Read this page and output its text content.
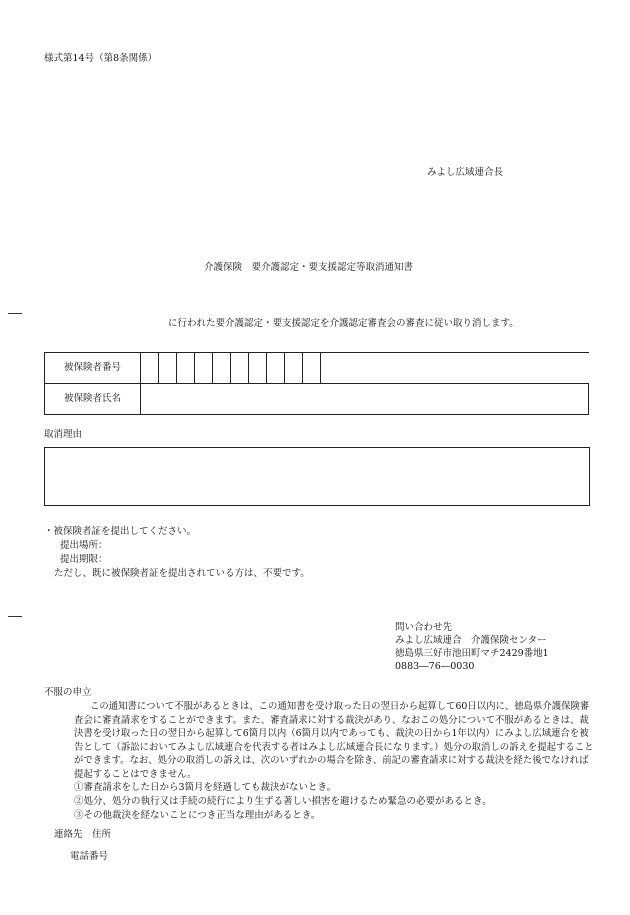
様式第14号（第8条関係）
みよし広域連合長
介護保険　要介護認定・要支援認定等取消通知書
に行われた要介護認定・要支援認定を介護認定審査会の審査に従い取り消します。
被保険者番号											
被保険者氏名											
取消理由
・被保険者証を提出してください。
提出場所：
提出期限：
ただし、既に被保険者証を提出されている方は、不要です。
問い合わせ先
みよし広域連合　介護保険センター
徳島県三好市池田町マチ2429番地1
0883―76―0030
不服の申立
この通知書について不服があるときは、この通知書を受け取った日の翌日から起算して60日以内に、徳島県介護保険審査会に審査請求をすることができます。また、審査請求に対する裁決があり、なおこの処分について不服があるときは、裁決書を受け取った日の翌日から起算して6箇月以内（6箇月以内であっても、裁決の日から1年以内）にみよし広域連合を被告として（訴訟においてみよし広域連合を代表する者はみよし広域連合長になります。）処分の取消しの訴えを提起することができます。なお、処分の取消しの訴えは、次のいずれかの場合を除き、前記の審査請求に対する裁決を経た後でなければ提起することはできません。
①審査請求をした日から3箇月を経過しても裁決がないとき。
②処分、処分の執行又は手続の続行により生ずる著しい損害を避けるため緊急の必要があるとき。
③その他裁決を経ないことにつき正当な理由があるとき。
連絡先　住所
電話番号
